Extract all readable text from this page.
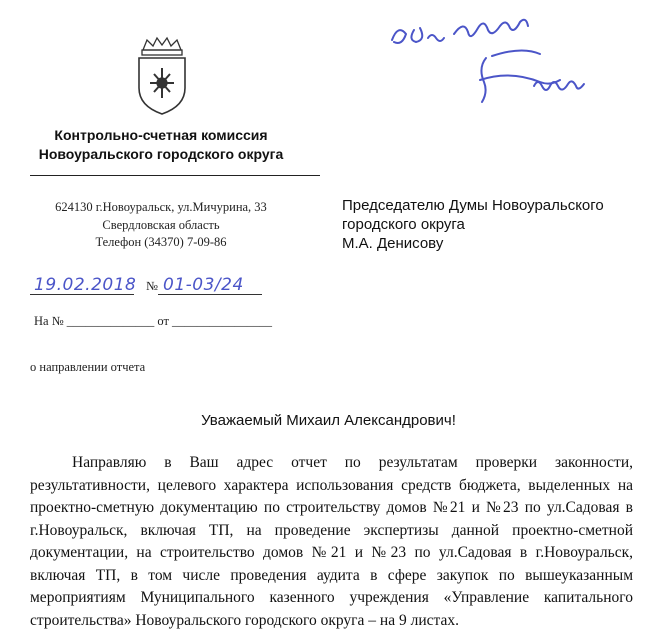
Контрольно-счетная комиссия
Новоуральского городского округа
624130 г.Новоуральск, ул.Мичурина, 33
Свердловская область
Телефон (34370) 7-09-86
Председателю Думы Новоуральского
городского округа
М.А. Денисову
19.02.2018 № 01-03/24
На № ______________ от ________________
о направлении отчета
Уважаемый Михаил Александрович!

Направляю в Ваш адрес отчет по результатам проверки законности, результативности, целевого характера использования средств бюджета, выделенных на проектно-сметную документацию по строительству домов №21 и №23 по ул.Садовая в г.Новоуральск, включая ТП, на проведение экспертизы данной проектно-сметной документации, на строительство домов №21 и №23 по ул.Садовая в г.Новоуральск, включая ТП, в том числе проведения аудита в сфере закупок по вышеуказанным мероприятиям Муниципального казенного учреждения «Управление капитального строительства» Новоуральского городского округа – на 9 листах.
